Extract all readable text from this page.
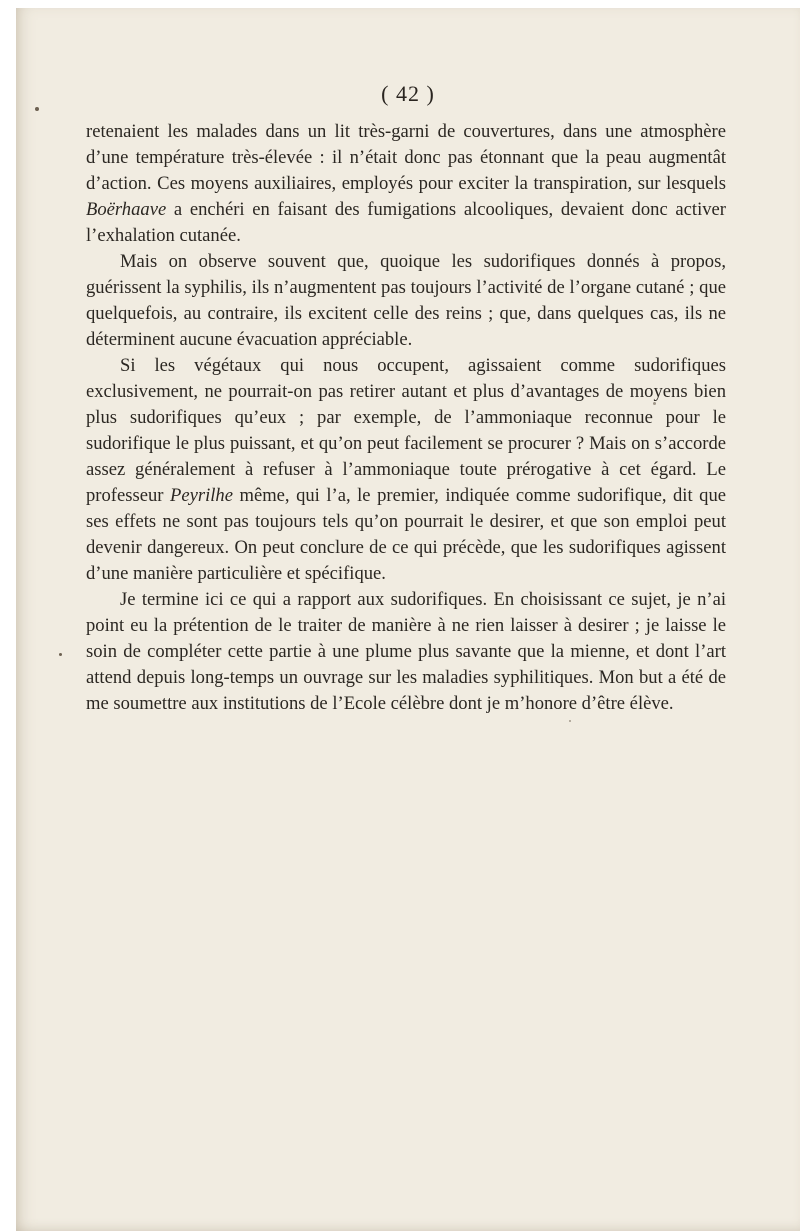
( 42 )

retenaient les malades dans un lit très-garni de couvertures, dans une atmosphère d’une température très-élevée : il n’était donc pas étonnant que la peau augmentât d’action. Ces moyens auxiliaires, employés pour exciter la transpiration, sur lesquels Boërhaave a enchéri en faisant des fumigations alcooliques, devaient donc activer l’exhalation cutanée.

Mais on observe souvent que, quoique les sudorifiques donnés à propos, guérissent la syphilis, ils n’augmentent pas toujours l’activité de l’organe cutané ; que quelquefois, au contraire, ils excitent celle des reins ; que, dans quelques cas, ils ne déterminent aucune évacuation appréciable.

Si les végétaux qui nous occupent, agissaient comme sudorifiques exclusivement, ne pourrait-on pas retirer autant et plus d’avantages de moyens bien plus sudorifiques qu’eux ; par exemple, de l’ammoniaque reconnue pour le sudorifique le plus puissant, et qu’on peut facilement se procurer ? Mais on s’accorde assez généralement à refuser à l’ammoniaque toute prérogative à cet égard. Le professeur Peyrilhe même, qui l’a, le premier, indiquée comme sudorifique, dit que ses effets ne sont pas toujours tels qu’on pourrait le desirer, et que son emploi peut devenir dangereux. On peut conclure de ce qui précède, que les sudorifiques agissent d’une manière particulière et spécifique.

Je termine ici ce qui a rapport aux sudorifiques. En choisissant ce sujet, je n’ai point eu la prétention de le traiter de manière à ne rien laisser à desirer ; je laisse le soin de compléter cette partie à une plume plus savante que la mienne, et dont l’art attend depuis long-temps un ouvrage sur les maladies syphilitiques. Mon but a été de me soumettre aux institutions de l’Ecole célèbre dont je m’honore d’être élève.
